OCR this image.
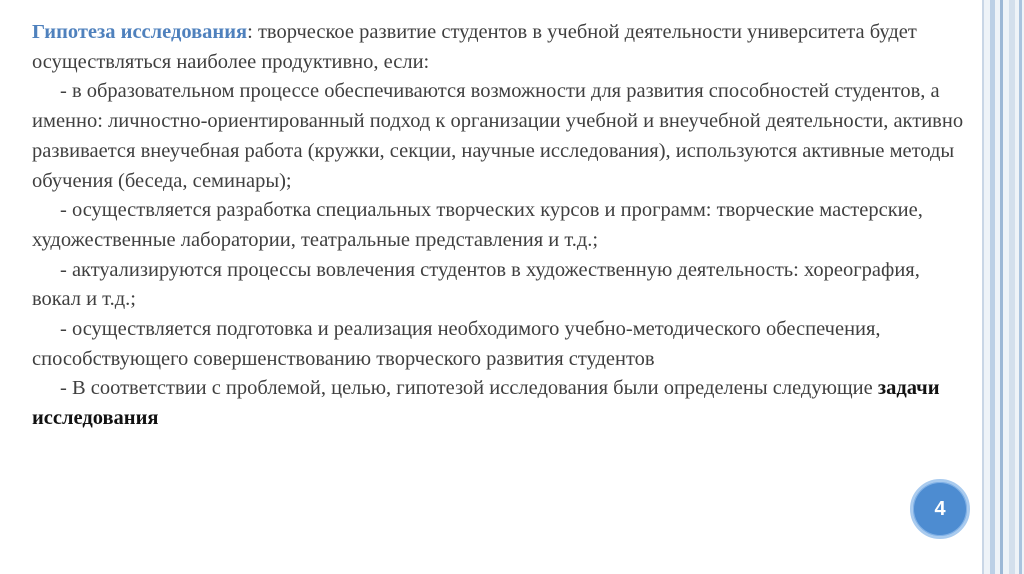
Гипотеза исследования: творческое развитие студентов в учебной деятельности университета будет осуществляться наиболее продуктивно, если:

- в образовательном процессе обеспечиваются возможности для развития способностей студентов, а именно: личностно-ориентированный подход к организации учебной и внеучебной деятельности, активно развивается внеучебная работа (кружки, секции, научные исследования), используются активные методы обучения (беседа, семинары);

- осуществляется разработка специальных творческих курсов и программ: творческие мастерские, художественные лаборатории, театральные представления и т.д.;

- актуализируются процессы вовлечения студентов в художественную деятельность: хореография, вокал и т.д.;

- осуществляется подготовка и реализация необходимого учебно-методического обеспечения, способствующего совершенствованию творческого развития студентов

- В соответствии с проблемой, целью, гипотезой исследования были определены следующие задачи исследования

4
